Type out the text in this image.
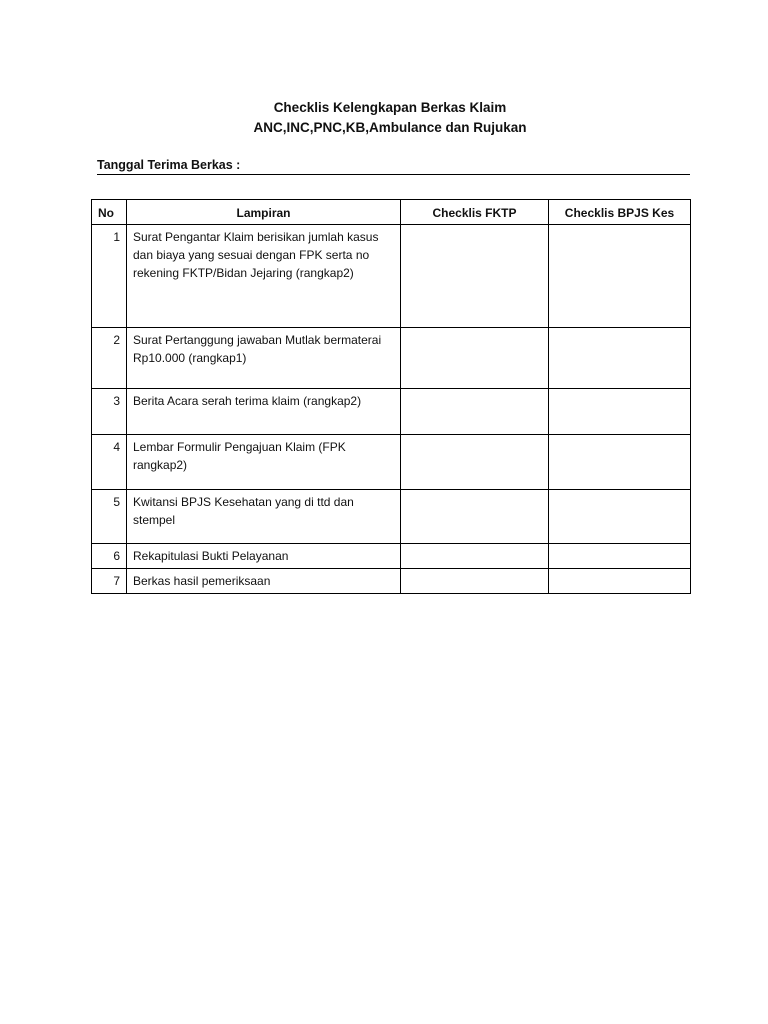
Checklis Kelengkapan Berkas Klaim
ANC,INC,PNC,KB,Ambulance dan Rujukan
Tanggal Terima Berkas :
No	Lampiran	Checklis FKTP	Checklis BPJS Kes
1	Surat Pengantar Klaim berisikan jumlah kasus dan biaya yang sesuai dengan FPK serta no rekening FKTP/Bidan Jejaring (rangkap2)		
2	Surat Pertanggung jawaban Mutlak bermaterai Rp10.000 (rangkap1)		
3	Berita Acara serah terima klaim (rangkap2)		
4	Lembar Formulir Pengajuan Klaim (FPK rangkap2)		
5	Kwitansi BPJS Kesehatan yang di ttd dan stempel		
6	Rekapitulasi Bukti Pelayanan		
7	Berkas hasil pemeriksaan		
